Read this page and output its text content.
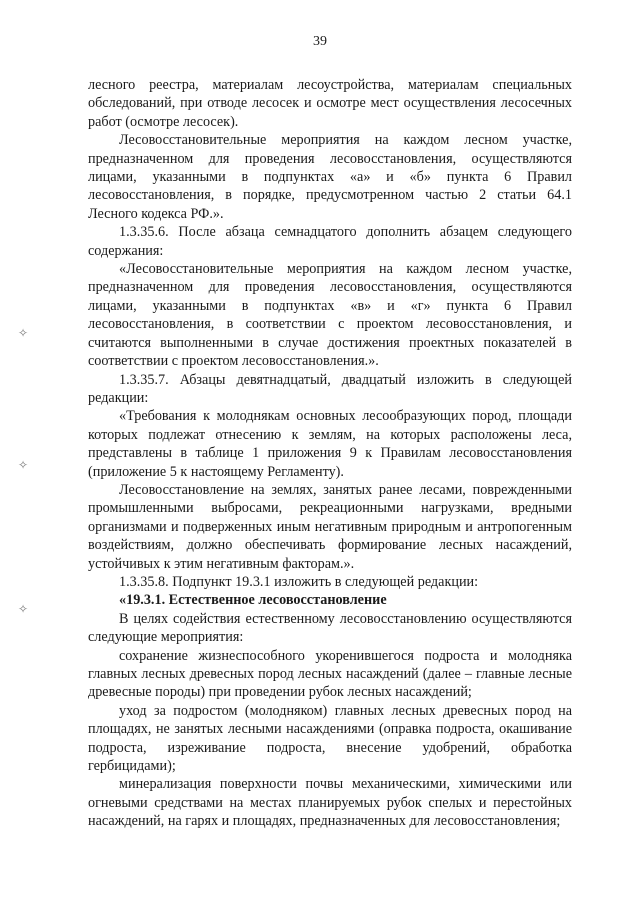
39
✧
✧
✧

лесного реестра, материалам лесоустройства, материалам специальных обследований, при отводе лесосек и осмотре мест осуществления лесосечных работ (осмотре лесосек).

Лесовосстановительные мероприятия на каждом лесном участке, предназначенном для проведения лесовосстановления, осуществляются лицами, указанными в подпунктах «а» и «б» пункта 6 Правил лесовосстановления, в порядке, предусмотренном частью 2 статьи 64.1 Лесного кодекса РФ.».

1.3.35.6. После абзаца семнадцатого дополнить абзацем следующего содержания:

«Лесовосстановительные мероприятия на каждом лесном участке, предназначенном для проведения лесовосстановления, осуществляются лицами, указанными в подпунктах «в» и «г» пункта 6 Правил лесовосстановления, в соответствии с проектом лесовосстановления, и считаются выполненными в случае достижения проектных показателей в соответствии с проектом лесовосстановления.».

1.3.35.7. Абзацы девятнадцатый, двадцатый изложить в следующей редакции:

«Требования к молоднякам основных лесообразующих пород, площади которых подлежат отнесению к землям, на которых расположены леса, представлены в таблице 1 приложения 9 к Правилам лесовосстановления (приложение 5 к настоящему Регламенту).

Лесовосстановление на землях, занятых ранее лесами, поврежденными промышленными выбросами, рекреационными нагрузками, вредными организмами и подверженных иным негативным природным и антропогенным воздействиям, должно обеспечивать формирование лесных насаждений, устойчивых к этим негативным факторам.».

1.3.35.8. Подпункт 19.3.1 изложить в следующей редакции:

«19.3.1. Естественное лесовосстановление

В целях содействия естественному лесовосстановлению осуществляются следующие мероприятия:

сохранение жизнеспособного укоренившегося подроста и молодняка главных лесных древесных пород лесных насаждений (далее – главные лесные древесные породы) при проведении рубок лесных насаждений;

уход за подростом (молодняком) главных лесных древесных пород на площадях, не занятых лесными насаждениями (оправка подроста, окашивание подроста, изреживание подроста, внесение удобрений, обработка гербицидами);

минерализация поверхности почвы механическими, химическими или огневыми средствами на местах планируемых рубок спелых и перестойных насаждений, на гарях и площадях, предназначенных для лесовосстановления;
